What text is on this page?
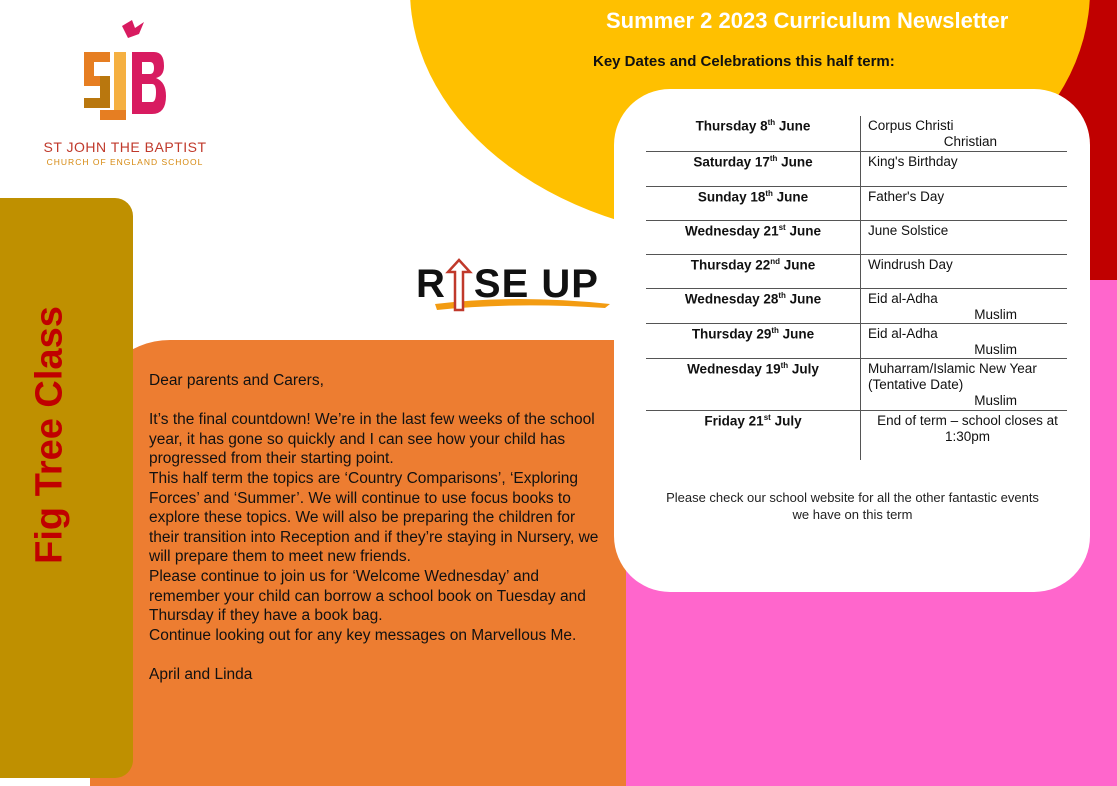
Summer 2 2023 Curriculum Newsletter
Key Dates and Celebrations this half term:
ST JOHN THE BAPTIST
CHURCH OF ENGLAND SCHOOL
Fig Tree Class
R SE UP
Thursday 8th June	Corpus Christi
Christian

Saturday 17th June	King's Birthday
Sunday 18th June	Father's Day
Wednesday 21st June	June Solstice
Thursday 22nd June	Windrush Day
Wednesday 28th June	Eid al-Adha
Muslim

Thursday 29th June	Eid al-Adha
Muslim

Wednesday 19th July	Muharram/Islamic New Year (Tentative Date)
Muslim

Friday 21st July	End of term – school closes at 1:30pm
Please check our school website for all the other fantastic events we have on this term

Dear parents and Carers,

It’s the final countdown! We’re in the last few weeks of the school year, it has gone so quickly and I can see how your child has progressed from their starting point.

This half term the topics are ‘Country Comparisons’, ‘Exploring Forces’ and ‘Summer’. We will continue to use focus books to explore these topics. We will also be preparing the children for their transition into Reception and if they’re staying in Nursery, we will prepare them to meet new friends.

Please continue to join us for ‘Welcome Wednesday’ and remember your child can borrow a school book on Tuesday and Thursday if they have a book bag.

Continue looking out for any key messages on Marvellous Me.

April and Linda
